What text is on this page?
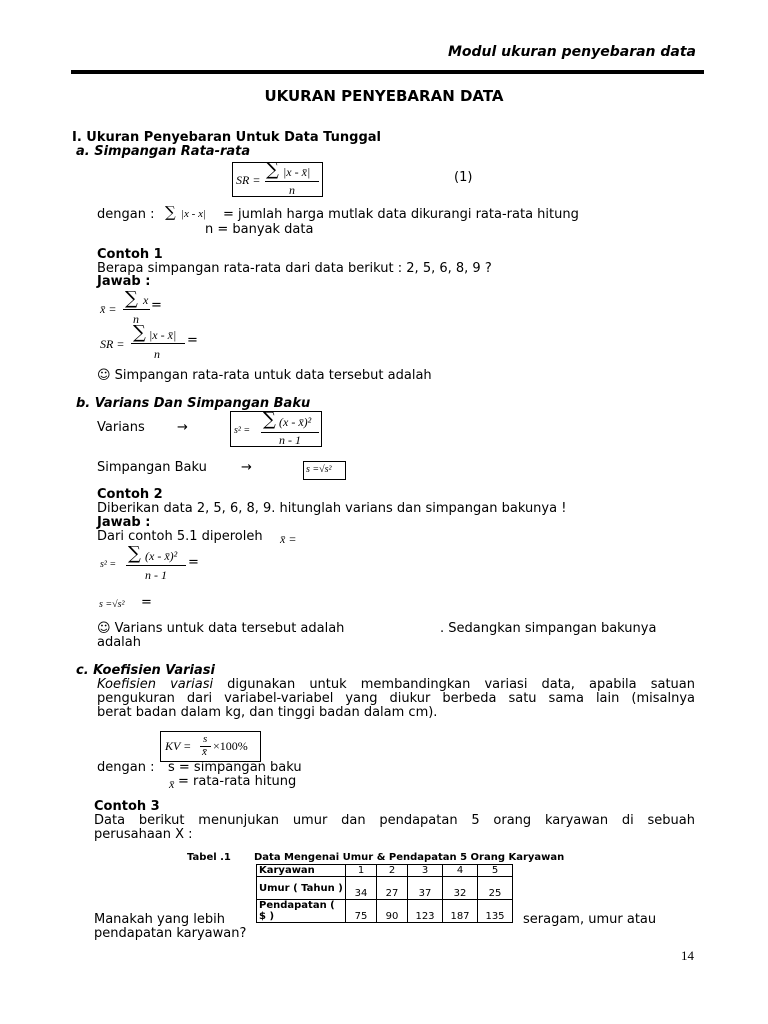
Modul ukuran penyebaran data
UKURAN PENYEBARAN DATA
I. Ukuran Penyebaran Untuk Data Tunggal
a. Simpangan Rata-rata
SR = ∑ |x - x̄|
n
(1)
dengan : ∑ |x - x| = jumlah harga mutlak data dikurangi rata-rata hitung
n = banyak data
Contoh 1
Berapa simpangan rata-rata dari data berikut : 2, 5, 6, 8, 9 ?
Jawab :
x̄ = ∑ x
n
=
SR =
∑ |x - x̄|
n
=
☺ Simpangan rata-rata untuk data tersebut adalah
b. Varians Dan Simpangan Baku
Varians →	s² =
∑ (x - x̄)²
n - 1
Simpangan Baku	→	s =√s²
Contoh 2
Diberikan data 2, 5, 6, 8, 9. hitunglah varians dan simpangan bakunya !
Jawab :
Dari contoh 5.1 diperoleh x̄ =
s² =
∑ (x - x̄)²
n - 1
=
s =√s² =
☺ Varians untuk data tersebut adalah	. Sedangkan simpangan bakunya
adalah
c. Koefisien Variasi
Koefisien variasi digunakan untuk membandingkan variasi data, apabila satuan
pengukuran dari variabel-variabel yang diukur berbeda satu sama lain (misalnya
berat badan dalam kg, dan tinggi badan dalam cm).
KV = s
x̄ ×100%
dengan : s = simpangan baku
x̄ = rata-rata hitung
Contoh 3
Data berikut menunjukan umur dan pendapatan 5 orang karyawan di sebuah
perusahaan X :
Tabel .1 Data Mengenai Umur & Pendapatan 5 Orang Karyawan
Karyawan	1	2	3	4	5
Umur ( Tahun )	34	27	37	32	25
Pendapatan ( $ )	75	90	123	187	135
Manakah yang lebih	seragam, umur atau
pendapatan karyawan?
14
